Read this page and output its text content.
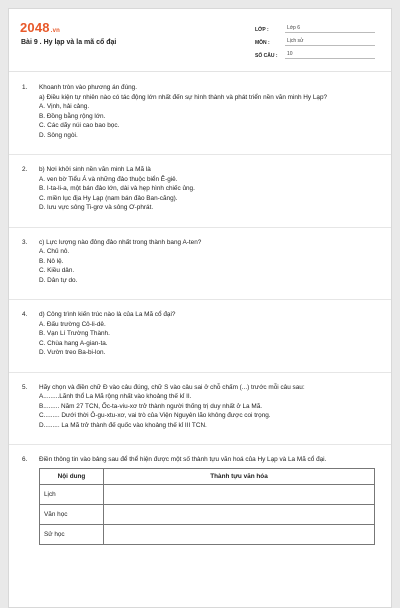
2048.vn
Bài 9 . Hy lạp và la mã cổ đại
LỚP :	Lớp 6
MÔN :	Lịch sử
SỐ CÂU :	10
1. Khoanh tròn vào phương án đúng.
a) Điều kiện tự nhiên nào có tác động lớn nhất đến sự hình thành và phát triển nền văn minh Hy Lạp?
A. Vịnh, hải cảng.
B. Đồng bằng rộng lớn.
C. Các dãy núi cao bao bọc.
D. Sông ngòi.
2. b) Nơi khởi sinh nền văn minh La Mã là
A. ven bờ Tiểu Á và những đảo thuộc biển Ê-giê.
B. I-ta-li-a, một bán đảo lớn, dài và hẹp hình chiếc ủng.
C. miền lục địa Hy Lạp (nam bán đảo Ban-căng).
D. lưu vực sông Ti-grơ và sông Ơ-phrát.
3. c) Lực lượng nào đông đảo nhất trong thành bang A-ten?
A. Chủ nô.
B. Nô lệ.
C. Kiều dân.
D. Dân tự do.
4. d) Công trình kiến trúc nào là của La Mã cổ đại?
A. Đấu trường Cô-li-dê.
B. Vạn Lí Trường Thành.
C. Chùa hang A-gian-ta.
D. Vườn treo Ba-bi-lon.
5. Hãy chọn và điền chữ Đ vào câu đúng, chữ S vào câu sai ở chỗ chấm (...) trước mỗi câu sau:
A.........Lãnh thổ La Mã rộng nhất vào khoảng thế kỉ II.
B......... Năm 27 TCN, Ốc-ta-viu-xơ trở thành người thống trị duy nhất ở La Mã.
C......... Dưới thời Ô-gu-xtu-xơ, vai trò của Viện Nguyên lão không được coi trọng.
D......... La Mã trở thành đế quốc vào khoảng thế kỉ III TCN.
6. Điền thông tin vào bảng sau để thể hiện được một số thành tựu văn hoá của Hy Lạp và La Mã cổ đại.
Nội dung	Thành tựu văn hóa
Lịch	
Văn học	
Sử học	
